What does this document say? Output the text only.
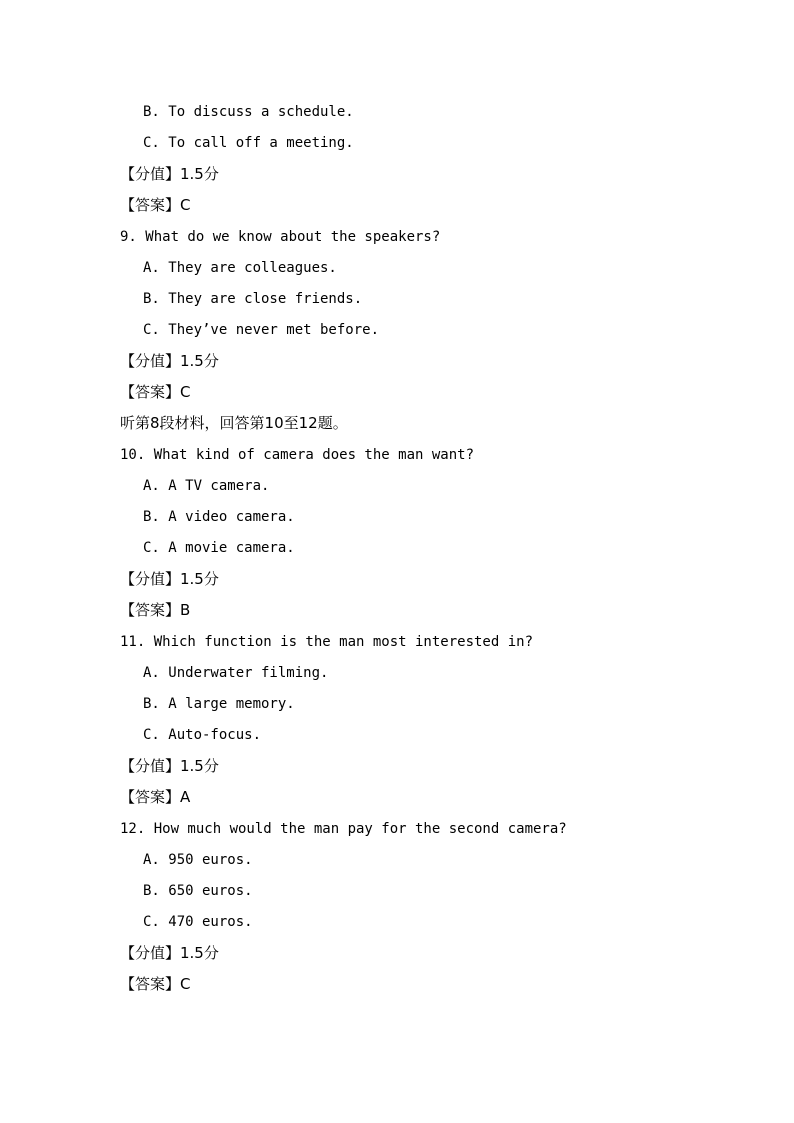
B. To discuss a schedule.
C. To call off a meeting.
【分值】1.5分
【答案】C
9. What do we know about the speakers?
A. They are colleagues.
B. They are close friends.
C. They’ve never met before.
【分值】1.5分
【答案】C
听第8段材料，回答第10至12题。
10. What kind of camera does the man want?
A. A TV camera.
B. A video camera.
C. A movie camera.
【分值】1.5分
【答案】B
11. Which function is the man most interested in?
A. Underwater filming.
B. A large memory.
C. Auto-focus.
【分值】1.5分
【答案】A
12. How much would the man pay for the second camera?
A. 950 euros.
B. 650 euros.
C. 470 euros.
【分值】1.5分
【答案】C
